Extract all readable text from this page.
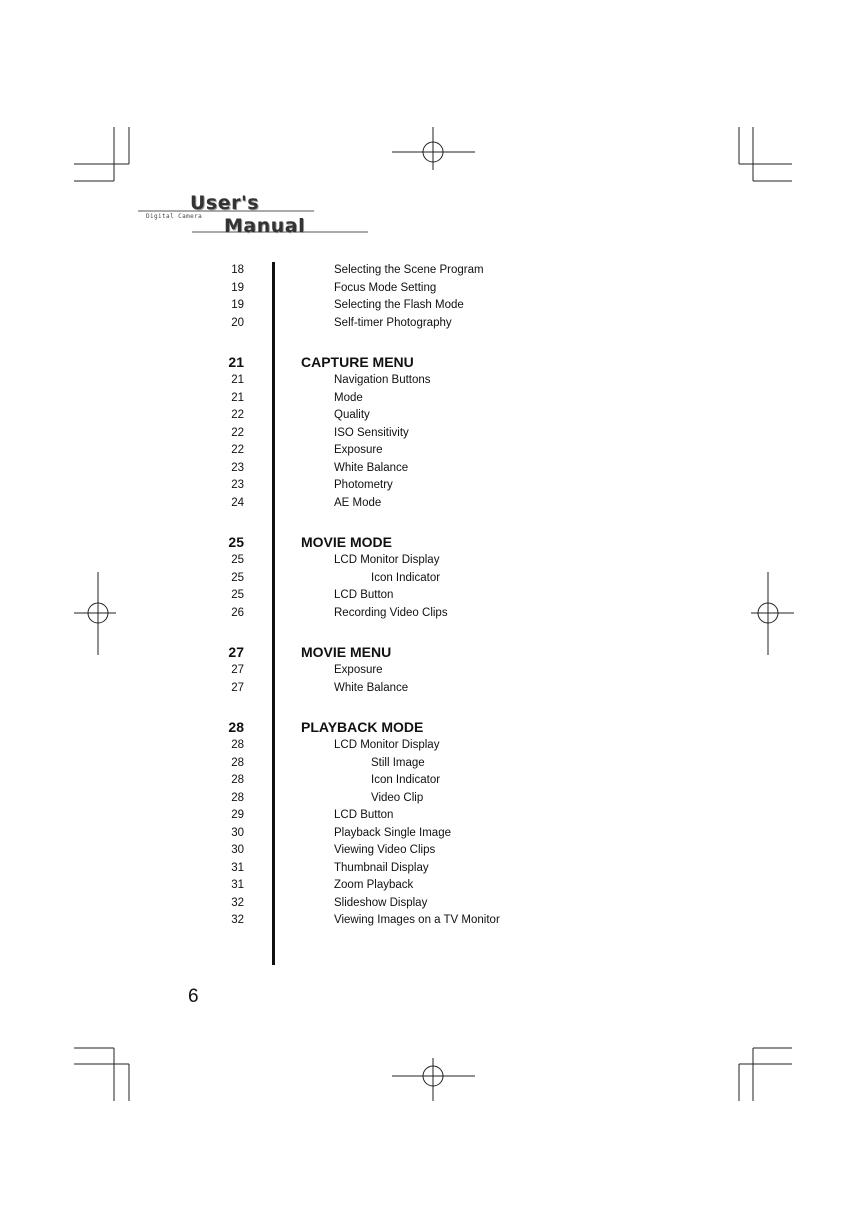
User's
Manual
Digital Camera
18	Selecting the Scene Program
19	Focus Mode Setting
19	Selecting the Flash Mode
20	Self-timer Photography
21	CAPTURE MENU
21	Navigation Buttons
21	Mode
22	Quality
22	ISO Sensitivity
22	Exposure
23	White Balance
23	Photometry
24	AE Mode
25	MOVIE MODE
25	LCD Monitor Display
25	Icon Indicator
25	LCD Button
26	Recording Video Clips
27	MOVIE MENU
27	Exposure
27	White Balance
28	PLAYBACK MODE
28	LCD Monitor Display
28	Still Image
28	Icon Indicator
28	Video Clip
29	LCD Button
30	Playback Single Image
30	Viewing Video Clips
31	Thumbnail Display
31	Zoom Playback
32	Slideshow Display
32	Viewing Images on a TV Monitor
6
